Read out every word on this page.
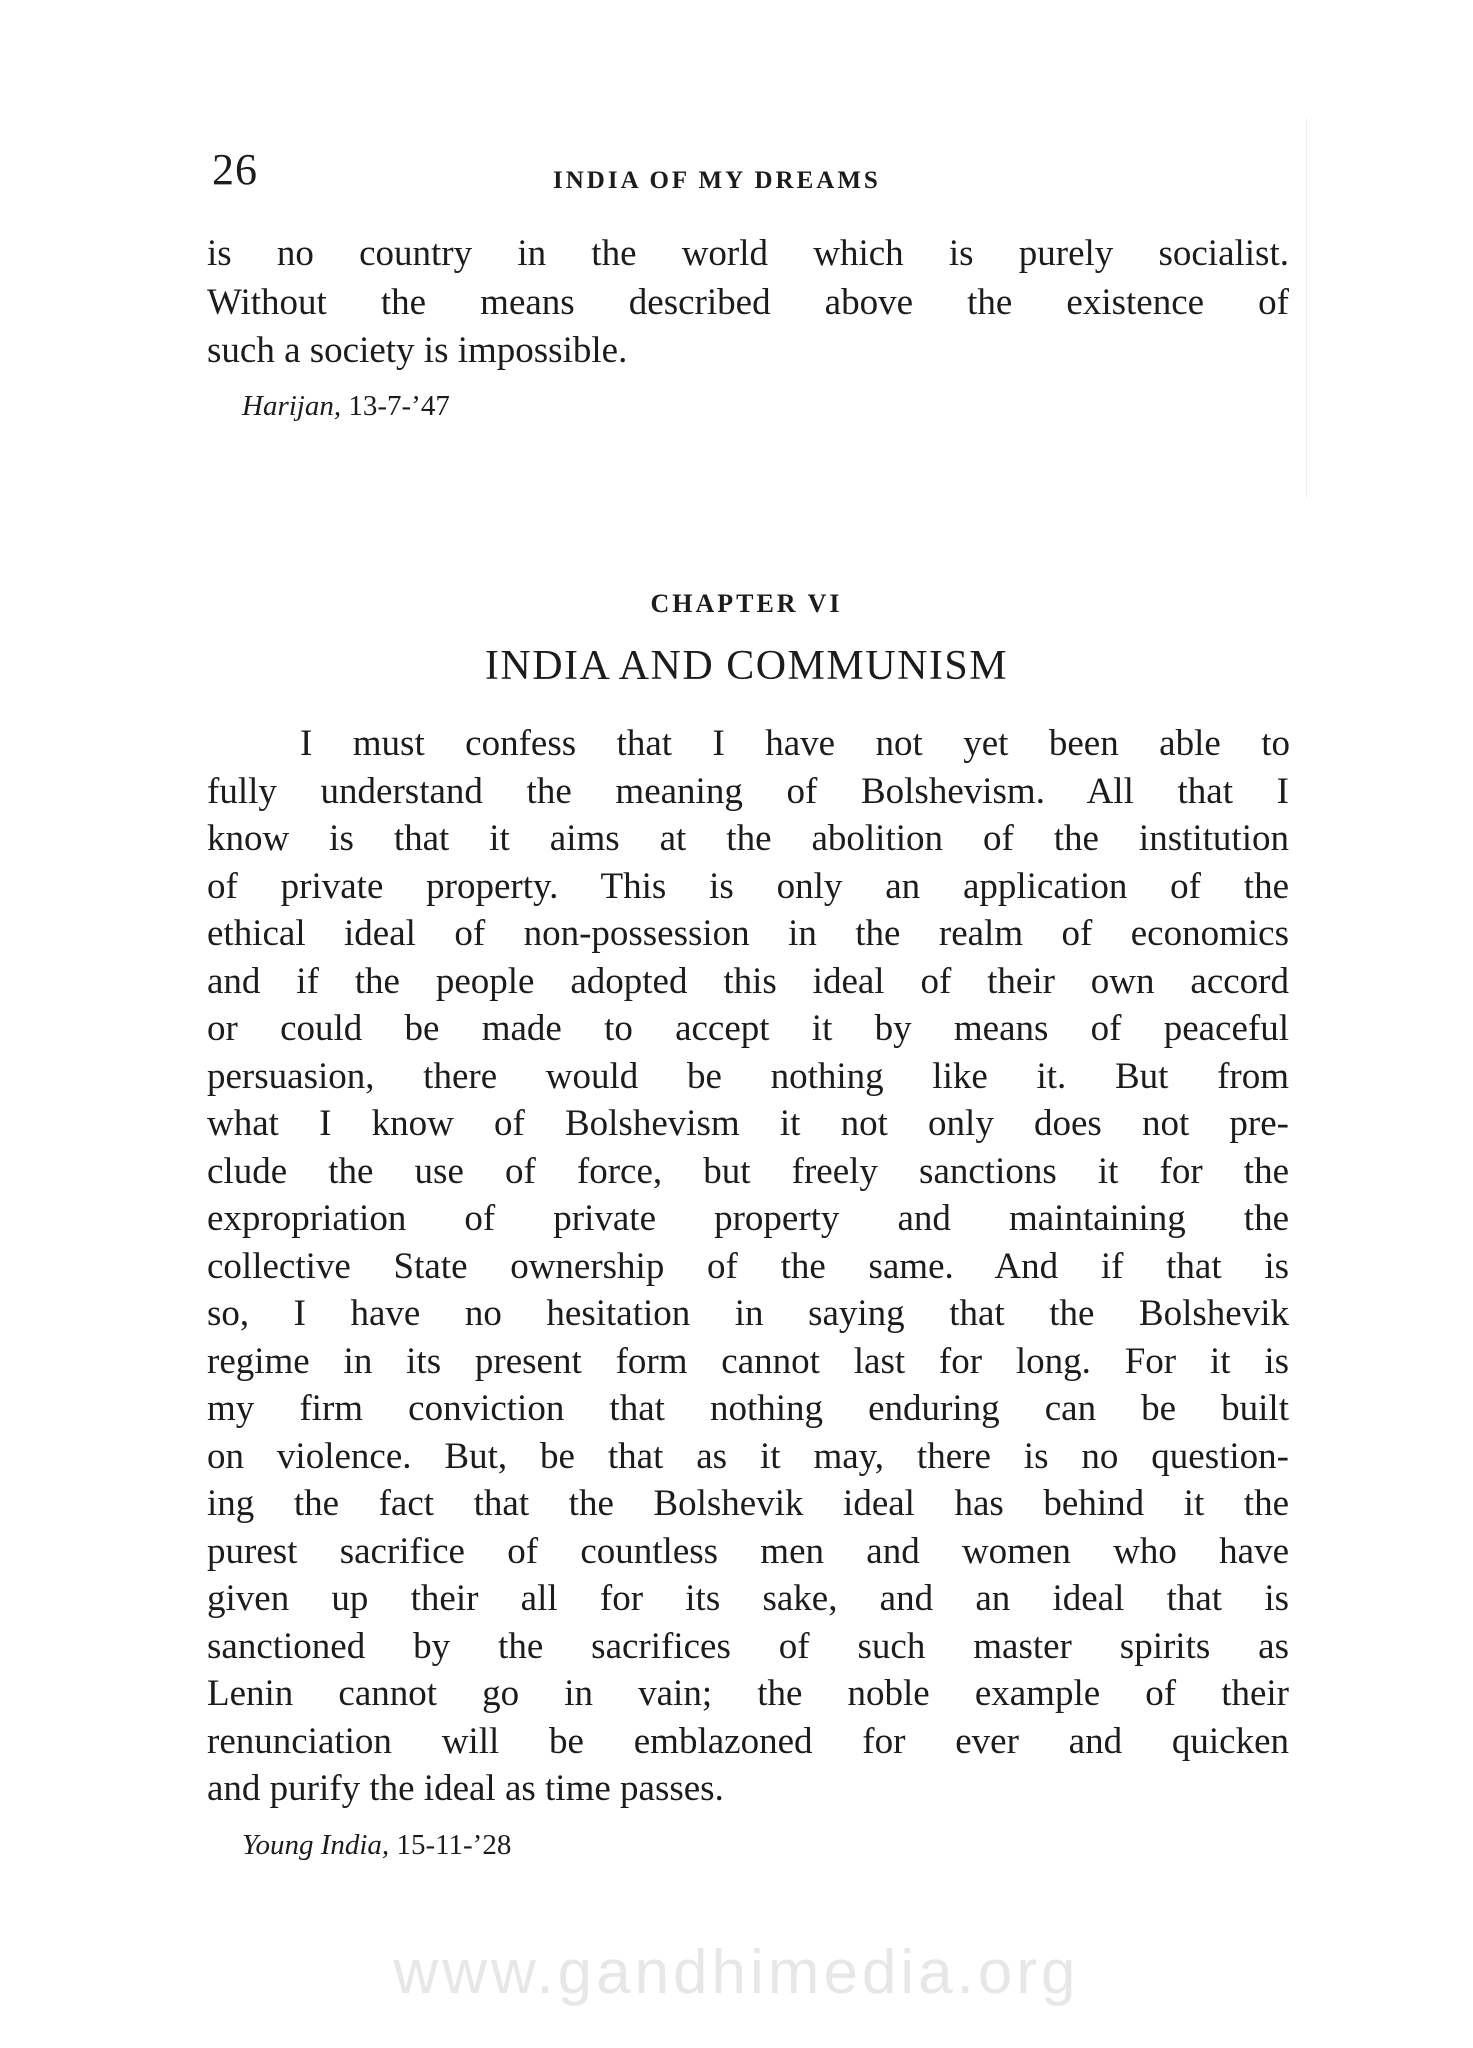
26	INDIA OF MY DREAMS
is no country in the world which is purely socialist.
Without the means described above the existence of
such a society is impossible.
Harijan, 13-7-’47
CHAPTER VI
INDIA AND COMMUNISM
I must confess that I have not yet been able to
fully understand the meaning of Bolshevism. All that I
know is that it aims at the abolition of the institution
of private property. This is only an application of the
ethical ideal of non-possession in the realm of economics
and if the people adopted this ideal of their own accord
or could be made to accept it by means of peaceful
persuasion, there would be nothing like it. But from
what I know of Bolshevism it not only does not pre-
clude the use of force, but freely sanctions it for the
expropriation of private property and maintaining the
collective State ownership of the same. And if that is
so, I have no hesitation in saying that the Bolshevik
regime in its present form cannot last for long. For it is
my firm conviction that nothing enduring can be built
on violence. But, be that as it may, there is no question-
ing the fact that the Bolshevik ideal has behind it the
purest sacrifice of countless men and women who have
given up their all for its sake, and an ideal that is
sanctioned by the sacrifices of such master spirits as
Lenin cannot go in vain; the noble example of their
renunciation will be emblazoned for ever and quicken
and purify the ideal as time passes.
Young India, 15-11-’28
www.gandhimedia.org
